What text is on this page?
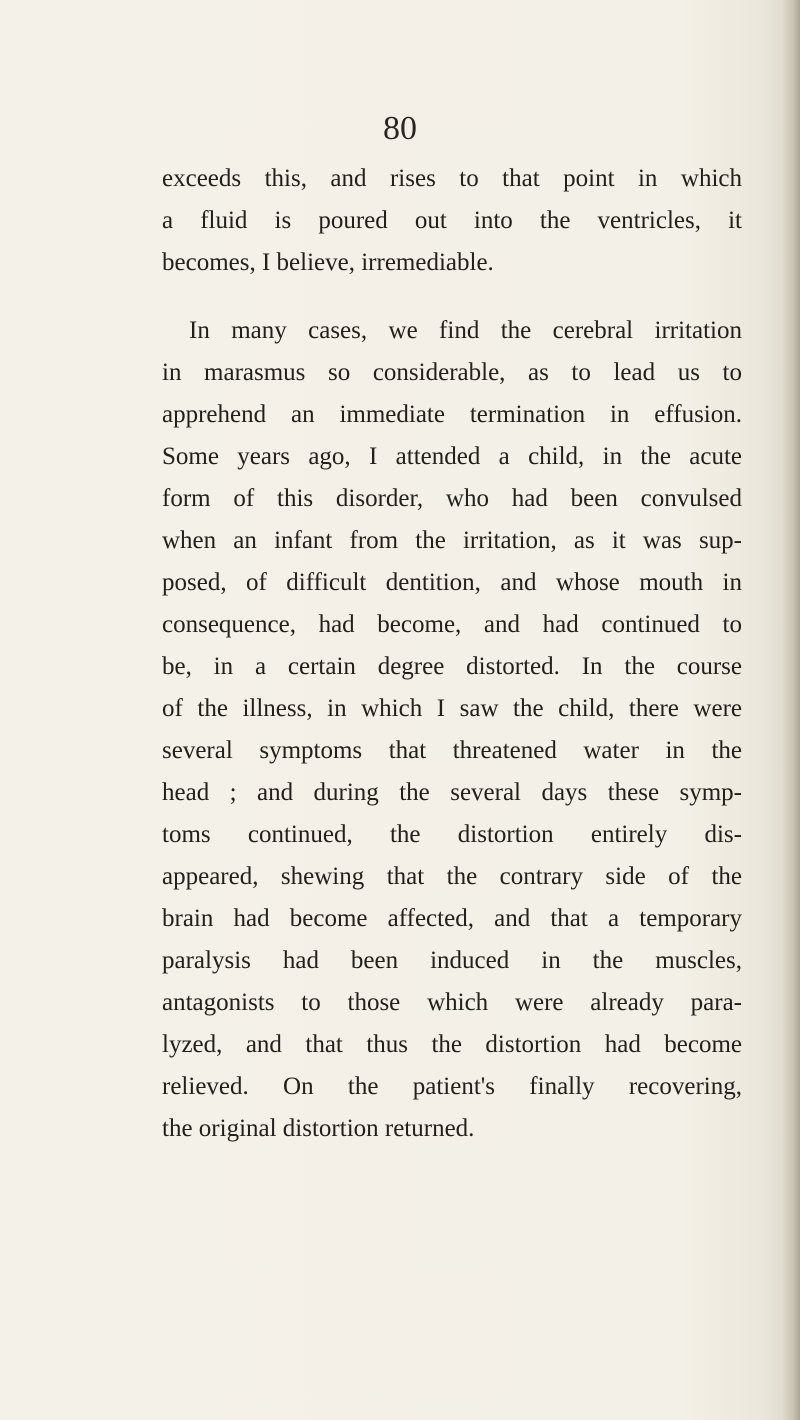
80
exceeds this, and rises to that point in which
a fluid is poured out into the ventricles, it
becomes, I believe, irremediable.
In many cases, we find the cerebral irritation
in marasmus so considerable, as to lead us to
apprehend an immediate termination in effusion.
Some years ago, I attended a child, in the acute
form of this disorder, who had been convulsed
when an infant from the irritation, as it was sup-
posed, of difficult dentition, and whose mouth in
consequence, had become, and had continued to
be, in a certain degree distorted. In the course
of the illness, in which I saw the child, there were
several symptoms that threatened water in the
head ; and during the several days these symp-
toms continued, the distortion entirely dis-
appeared, shewing that the contrary side of the
brain had become affected, and that a temporary
paralysis had been induced in the muscles,
antagonists to those which were already para-
lyzed, and that thus the distortion had become
relieved. On the patient's finally recovering,
the original distortion returned.
